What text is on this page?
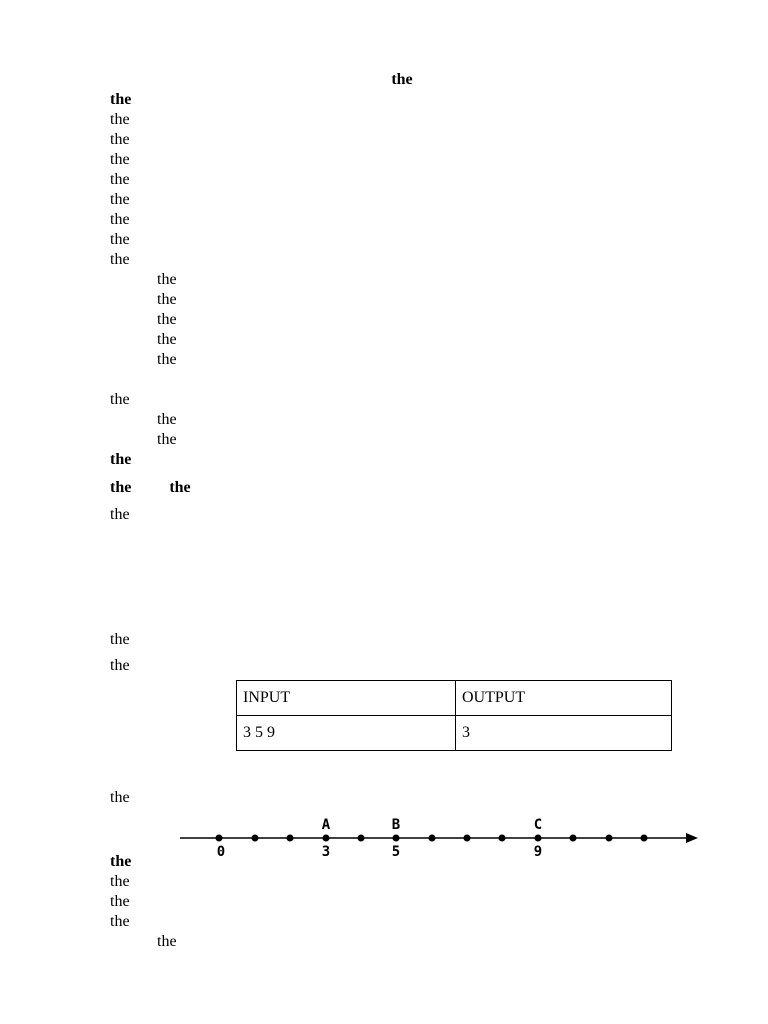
the

the

the

the

the

the

the

the

the

the

the

the

the

the

the

the

the

the

the

the the

the

the

the

INPUT	OUTPUT
3 5 9	3

the

A	B	C
0	3	5	9

the

the

the

the

the
